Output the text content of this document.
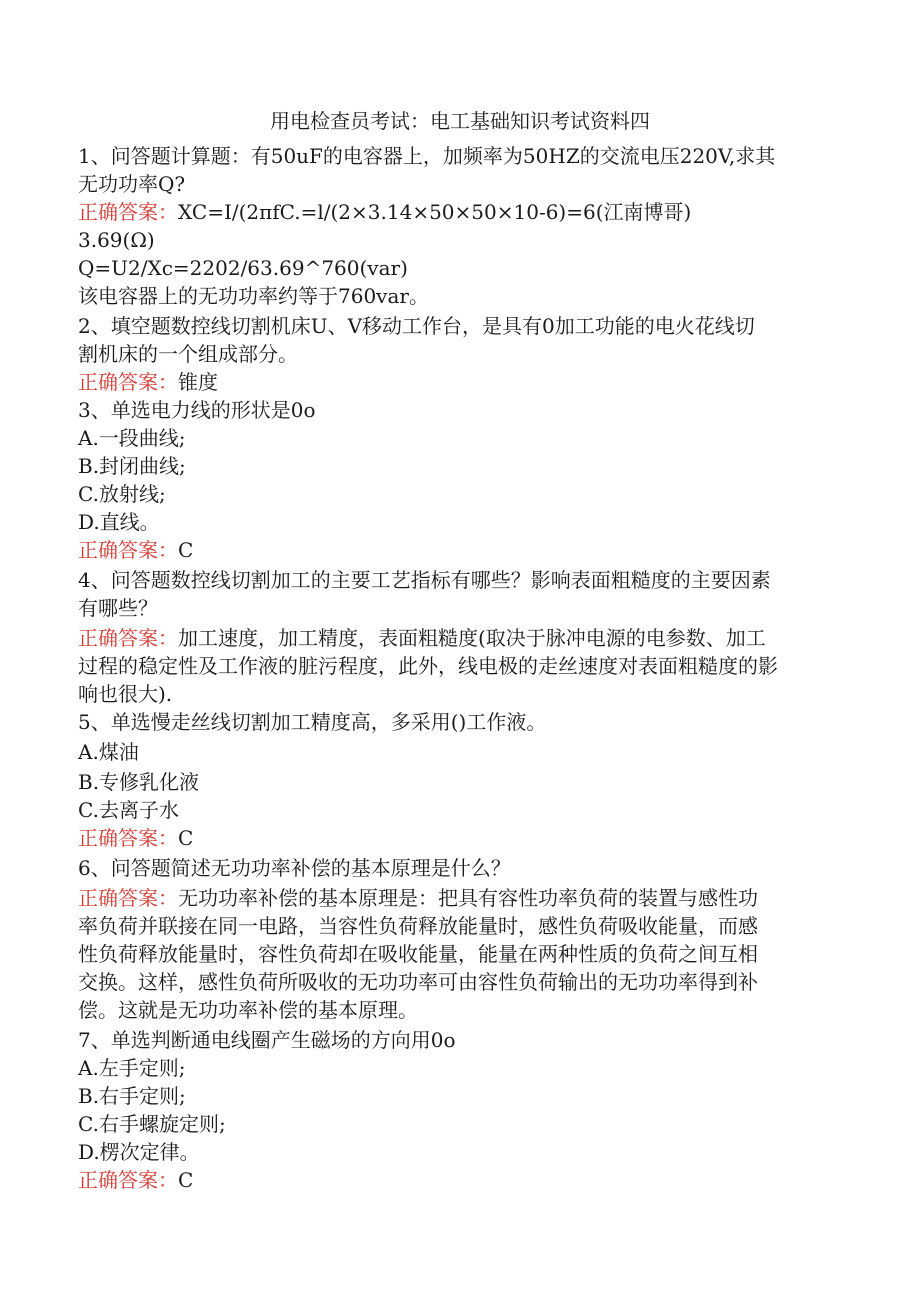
用电检查员考试：电工基础知识考试资料四
1、问答题计算题：有50uF的电容器上，加频率为50HZ的交流电压220V,求其
无功功率Q?
正确答案：XC=I/(2πfC.=l/(2×3.14×50×50×10-6)=6(江南博哥)
3.69(Ω)
Q=U2/Xc=2202/63.69^760(var)
该电容器上的无功功率约等于760var。
2、填空题数控线切割机床U、V移动工作台，是具有0加工功能的电火花线切
割机床的一个组成部分。
正确答案：锥度
3、单选电力线的形状是0o
A.一段曲线;
B.封闭曲线;
C.放射线;
D.直线。
正确答案：C
4、问答题数控线切割加工的主要工艺指标有哪些？影响表面粗糙度的主要因素
有哪些？
正确答案：加工速度，加工精度，表面粗糙度(取决于脉冲电源的电参数、加工
过程的稳定性及工作液的脏污程度，此外，线电极的走丝速度对表面粗糙度的影
响也很大).
5、单选慢走丝线切割加工精度高，多采用()工作液。
A.煤油
B.专修乳化液
C.去离子水
正确答案：C
6、问答题简述无功功率补偿的基本原理是什么？
正确答案：无功功率补偿的基本原理是：把具有容性功率负荷的装置与感性功
率负荷并联接在同一电路，当容性负荷释放能量时，感性负荷吸收能量，而感
性负荷释放能量时，容性负荷却在吸收能量，能量在两种性质的负荷之间互相
交换。这样，感性负荷所吸收的无功功率可由容性负荷输出的无功功率得到补
偿。这就是无功功率补偿的基本原理。
7、单选判断通电线圈产生磁场的方向用0o
A.左手定则;
B.右手定则;
C.右手螺旋定则;
D.楞次定律。
正确答案：C
